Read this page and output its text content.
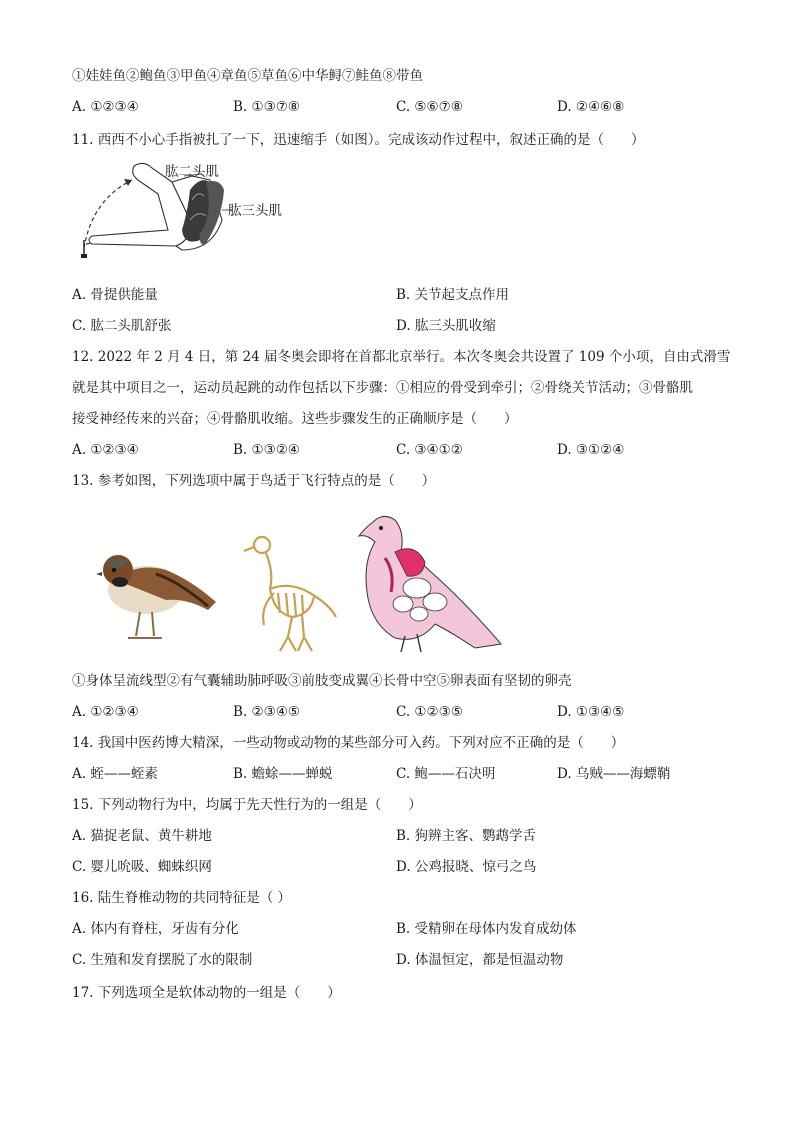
①娃娃鱼②鲍鱼③甲鱼④章鱼⑤草鱼⑥中华鲟⑦鲑鱼⑧带鱼
A. ①②③④	B. ①③⑦⑧	C. ⑤⑥⑦⑧	D. ②④⑥⑧
11. 西西不小心手指被扎了一下，迅速缩手（如图）。完成该动作过程中，叙述正确的是（　　）
肱二头肌
肱三头肌
A. 骨提供能量	B. 关节起支点作用
C. 肱二头肌舒张	D. 肱三头肌收缩
12. 2022 年 2 月 4 日，第 24 届冬奥会即将在首都北京举行。本次冬奥会共设置了 109 个小项，自由式滑雪
就是其中项目之一，运动员起跳的动作包括以下步骤：①相应的骨受到牵引；②骨绕关节活动；③骨骼肌
接受神经传来的兴奋；④骨骼肌收缩。这些步骤发生的正确顺序是（　　）
A. ①②③④	B. ①③②④	C. ③④①②	D. ③①②④
13. 参考如图，下列选项中属于鸟适于飞行特点的是（　　）
①身体呈流线型②有气囊辅助肺呼吸③前肢变成翼④长骨中空⑤卵表面有坚韧的卵壳
A. ①②③④	B. ②③④⑤	C. ①②③⑤	D. ①③④⑤
14. 我国中医药博大精深，一些动物或动物的某些部分可入药。下列对应不正确的是（　　）
A. 蛭——蛭素	B. 蟾蜍——蝉蜕	C. 鲍——石决明	D. 乌贼——海螵鞘
15. 下列动物行为中，均属于先天性行为的一组是（　　）
A. 猫捉老鼠、黄牛耕地	B. 狗辨主客、鹦鹉学舌
C. 婴儿吮吸、蜘蛛织网	D. 公鸡报晓、惊弓之鸟
16. 陆生脊椎动物的共同特征是（ ）
A. 体内有脊柱，牙齿有分化	B. 受精卵在母体内发育成幼体
C. 生殖和发育摆脱了水的限制	D. 体温恒定，都是恒温动物
17. 下列选项全是软体动物的一组是（　　）
